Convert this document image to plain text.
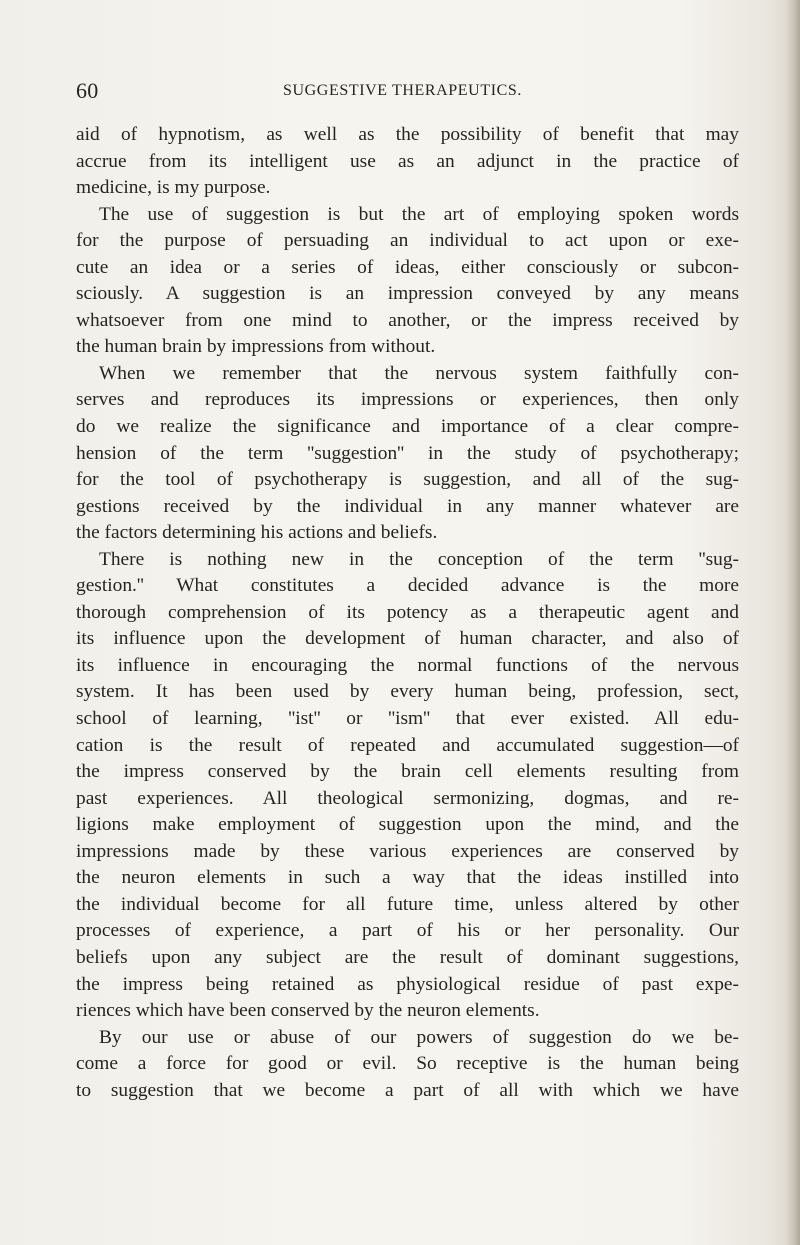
60	SUGGESTIVE THERAPEUTICS.
aid of hypnotism, as well as the possibility of benefit that may
accrue from its intelligent use as an adjunct in the practice of
medicine, is my purpose.
The use of suggestion is but the art of employing spoken words
for the purpose of persuading an individual to act upon or exe-
cute an idea or a series of ideas, either consciously or subcon-
sciously. A suggestion is an impression conveyed by any means
whatsoever from one mind to another, or the impress received by
the human brain by impressions from without.
When we remember that the nervous system faithfully con-
serves and reproduces its impressions or experiences, then only
do we realize the significance and importance of a clear compre-
hension of the term ''suggestion'' in the study of psychotherapy;
for the tool of psychotherapy is suggestion, and all of the sug-
gestions received by the individual in any manner whatever are
the factors determining his actions and beliefs.
There is nothing new in the conception of the term ''sug-
gestion.'' What constitutes a decided advance is the more
thorough comprehension of its potency as a therapeutic agent and
its influence upon the development of human character, and also of
its influence in encouraging the normal functions of the nervous
system. It has been used by every human being, profession, sect,
school of learning, ''ist'' or ''ism'' that ever existed. All edu-
cation is the result of repeated and accumulated suggestion—of
the impress conserved by the brain cell elements resulting from
past experiences. All theological sermonizing, dogmas, and re-
ligions make employment of suggestion upon the mind, and the
impressions made by these various experiences are conserved by
the neuron elements in such a way that the ideas instilled into
the individual become for all future time, unless altered by other
processes of experience, a part of his or her personality. Our
beliefs upon any subject are the result of dominant suggestions,
the impress being retained as physiological residue of past expe-
riences which have been conserved by the neuron elements.
By our use or abuse of our powers of suggestion do we be-
come a force for good or evil. So receptive is the human being
to suggestion that we become a part of all with which we have
